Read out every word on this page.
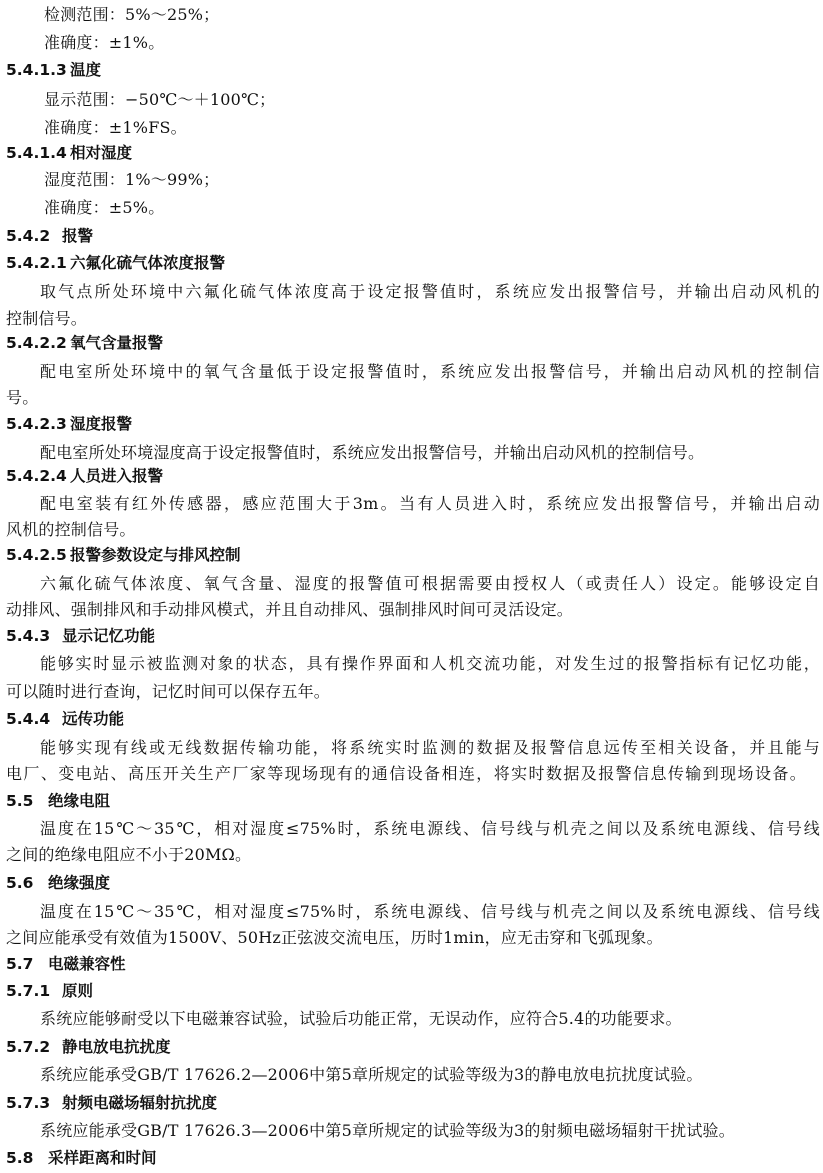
检测范围：5%～25%；
准确度：±1%。
5.4.1.3 温度
显示范围：−50℃～＋100℃；
准确度：±1%FS。
5.4.1.4 相对湿度
湿度范围：1%～99%；
准确度：±5%。
5.4.2 报警
5.4.2.1 六氟化硫气体浓度报警
取气点所处环境中六氟化硫气体浓度高于设定报警值时，系统应发出报警信号，并输出启动风机的
控制信号。
5.4.2.2 氧气含量报警
配电室所处环境中的氧气含量低于设定报警值时，系统应发出报警信号，并输出启动风机的控制信
号。
5.4.2.3 湿度报警
配电室所处环境湿度高于设定报警值时，系统应发出报警信号，并输出启动风机的控制信号。
5.4.2.4 人员进入报警
配电室装有红外传感器，感应范围大于3m。当有人员进入时，系统应发出报警信号，并输出启动
风机的控制信号。
5.4.2.5 报警参数设定与排风控制
六氟化硫气体浓度、氧气含量、湿度的报警值可根据需要由授权人（或责任人）设定。能够设定自
动排风、强制排风和手动排风模式，并且自动排风、强制排风时间可灵活设定。
5.4.3 显示记忆功能
能够实时显示被监测对象的状态，具有操作界面和人机交流功能，对发生过的报警指标有记忆功能，
可以随时进行查询，记忆时间可以保存五年。
5.4.4 远传功能
能够实现有线或无线数据传输功能，将系统实时监测的数据及报警信息远传至相关设备，并且能与
电厂、变电站、高压开关生产厂家等现场现有的通信设备相连，将实时数据及报警信息传输到现场设备。
5.5 绝缘电阻
温度在15℃～35℃，相对湿度≤75%时，系统电源线、信号线与机壳之间以及系统电源线、信号线
之间的绝缘电阻应不小于20MΩ。
5.6 绝缘强度
温度在15℃～35℃，相对湿度≤75%时，系统电源线、信号线与机壳之间以及系统电源线、信号线
之间应能承受有效值为1500V、50Hz正弦波交流电压，历时1min，应无击穿和飞弧现象。
5.7 电磁兼容性
5.7.1 原则
系统应能够耐受以下电磁兼容试验，试验后功能正常，无误动作，应符合5.4的功能要求。
5.7.2 静电放电抗扰度
系统应能承受GB/T 17626.2—2006中第5章所规定的试验等级为3的静电放电抗扰度试验。
5.7.3 射频电磁场辐射抗扰度
系统应能承受GB/T 17626.3—2006中第5章所规定的试验等级为3的射频电磁场辐射干扰试验。
5.8 采样距离和时间
